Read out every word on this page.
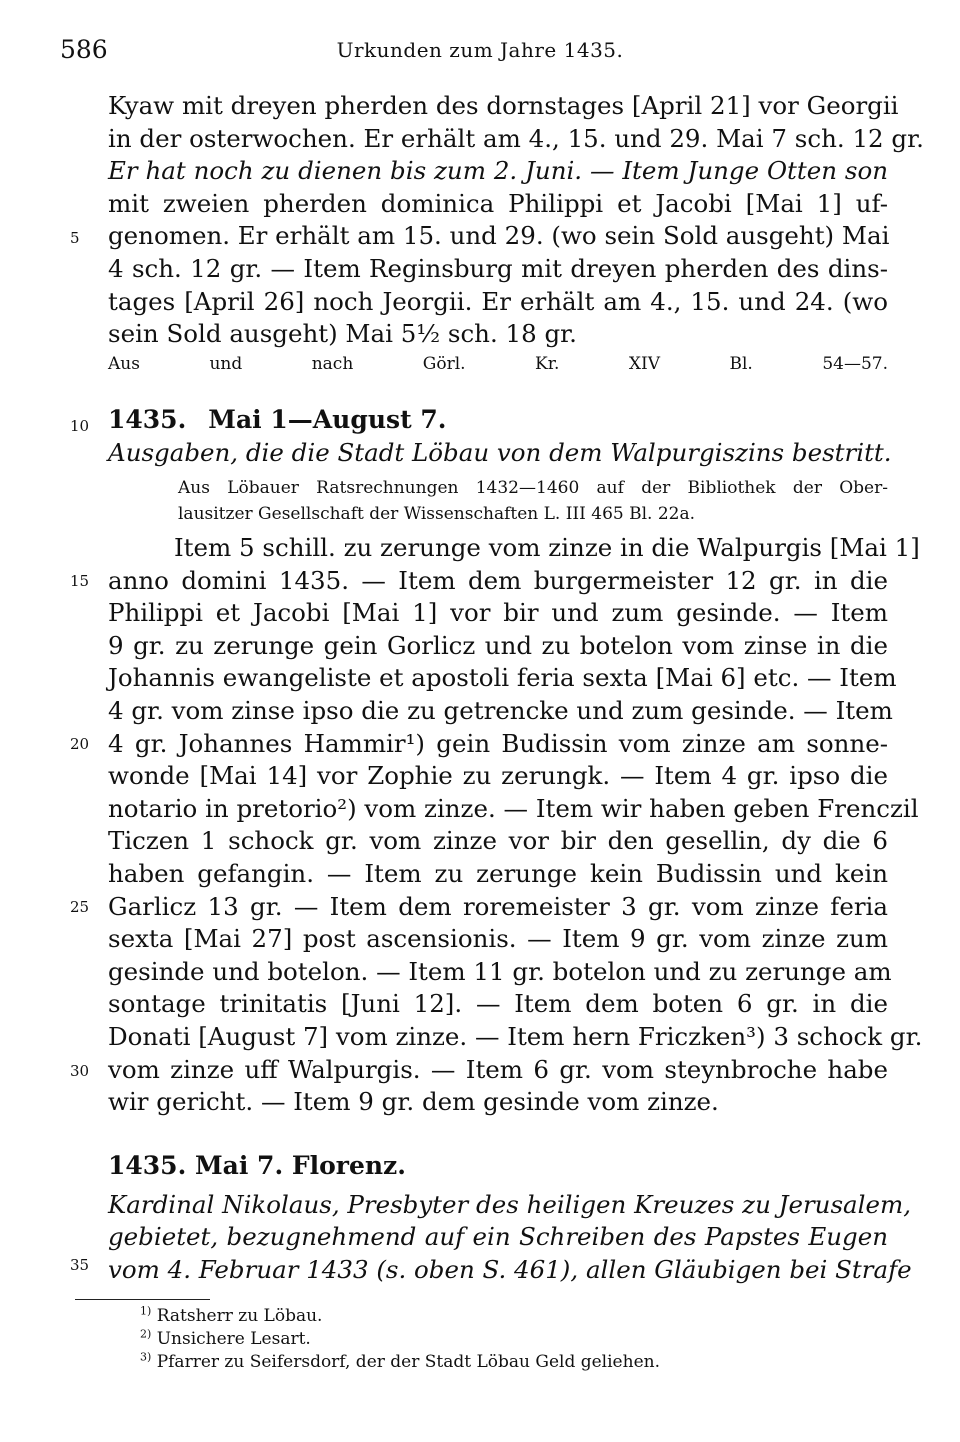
586	Urkunden zum Jahre 1435.
Kyaw mit dreyen pherden des dornstages [April 21] vor Georgii
in der osterwochen. Er erhält am 4., 15. und 29. Mai 7 sch. 12 gr.
Er hat noch zu dienen bis zum 2. Juni. — Item Junge Otten son
mit zweien pherden dominica Philippi et Jacobi [Mai 1] uf-
genomen. Er erhält am 15. und 29. (wo sein Sold ausgeht) Mai
4 sch. 12 gr. — Item Reginsburg mit dreyen pherden des dins-
tages [April 26] noch Jeorgii. Er erhält am 4., 15. und 24. (wo
sein Sold ausgeht) Mai 5½ sch. 18 gr.
Aus und nach Görl. Kr. XIV Bl. 54—57.
1435. Mai 1—August 7.
Ausgaben, die die Stadt Löbau von dem Walpurgiszins bestritt.
Aus Löbauer Ratsrechnungen 1432—1460 auf der Bibliothek der Ober-
lausitzer Gesellschaft der Wissenschaften L. III 465 Bl. 22a.
Item 5 schill. zu zerunge vom zinze in die Walpurgis [Mai 1]
anno domini 1435. — Item dem burgermeister 12 gr. in die
Philippi et Jacobi [Mai 1] vor bir und zum gesinde. — Item
9 gr. zu zerunge gein Gorlicz und zu botelon vom zinse in die
Johannis ewangeliste et apostoli feria sexta [Mai 6] etc. — Item
4 gr. vom zinse ipso die zu getrencke und zum gesinde. — Item
4 gr. Johannes Hammir¹) gein Budissin vom zinze am sonne-
wonde [Mai 14] vor Zophie zu zerungk. — Item 4 gr. ipso die
notario in pretorio²) vom zinze. — Item wir haben geben Frenczil
Ticzen 1 schock gr. vom zinze vor bir den gesellin, dy die 6
haben gefangin. — Item zu zerunge kein Budissin und kein
Garlicz 13 gr. — Item dem roremeister 3 gr. vom zinze feria
sexta [Mai 27] post ascensionis. — Item 9 gr. vom zinze zum
gesinde und botelon. — Item 11 gr. botelon und zu zerunge am
sontage trinitatis [Juni 12]. — Item dem boten 6 gr. in die
Donati [August 7] vom zinze. — Item hern Friczken³) 3 schock gr.
vom zinze uff Walpurgis. — Item 6 gr. vom steynbroche habe
wir gericht. — Item 9 gr. dem gesinde vom zinze.
1435. Mai 7. Florenz.
Kardinal Nikolaus, Presbyter des heiligen Kreuzes zu Jerusalem,
gebietet, bezugnehmend auf ein Schreiben des Papstes Eugen
vom 4. Februar 1433 (s. oben S. 461), allen Gläubigen bei Strafe
5
10
15
20
25
30
35
$^{1)}$ Ratsherr zu Löbau.
$^{2)}$ Unsichere Lesart.
$^{3)}$ Pfarrer zu Seifersdorf, der der Stadt Löbau Geld geliehen.
